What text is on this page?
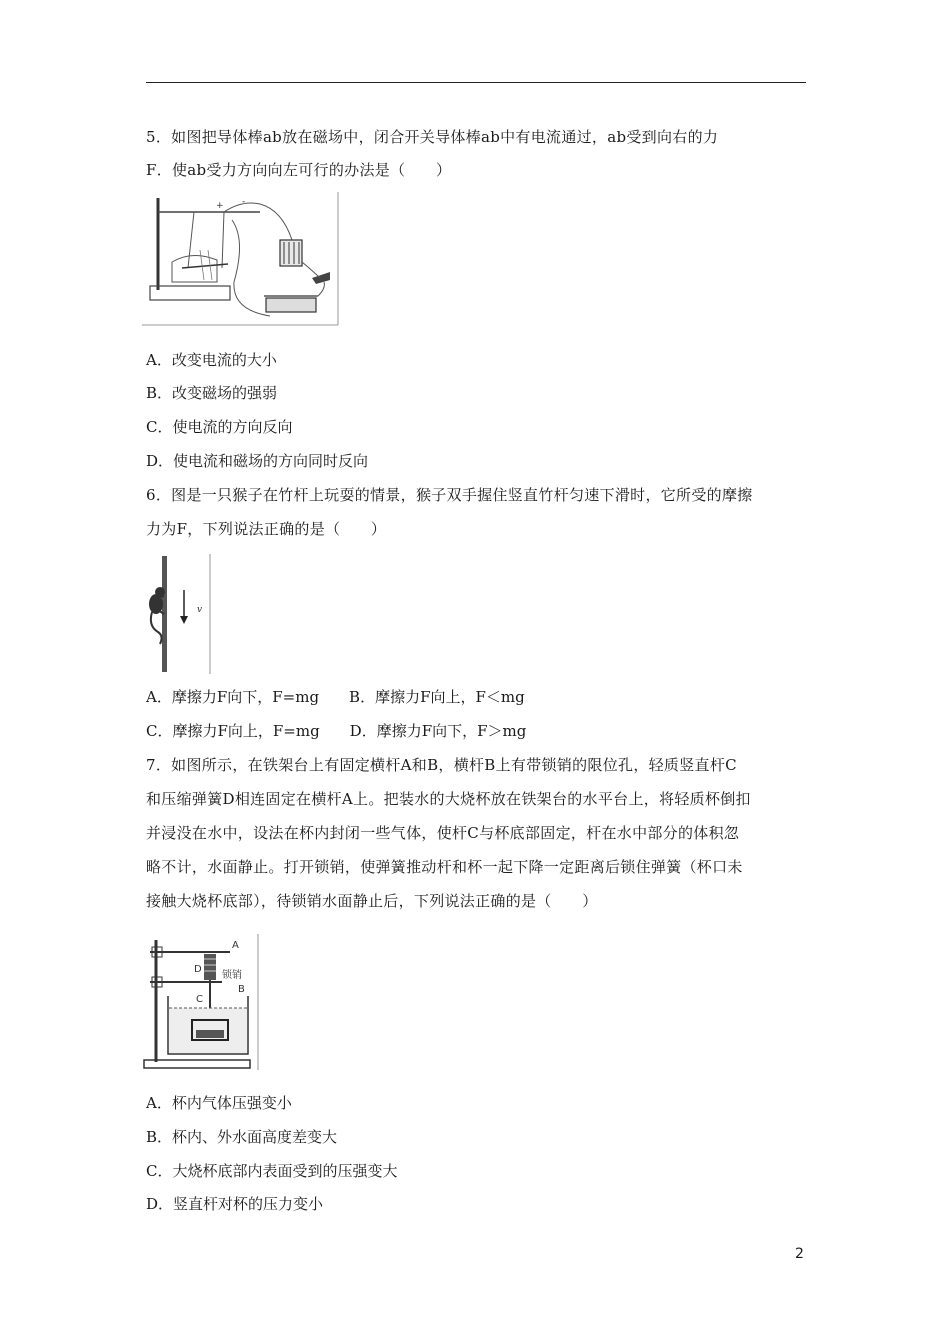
5．如图把导体棒ab放在磁场中，闭合开关导体棒ab中有电流通过，ab受到向右的力
F．使ab受力方向向左可行的办法是（　　）
+ -
A．改变电流的大小
B．改变磁场的强弱
C．使电流的方向反向
D．使电流和磁场的方向同时反向
6．图是一只猴子在竹杆上玩耍的情景，猴子双手握住竖直竹杆匀速下滑时，它所受的摩擦
力为F，下列说法正确的是（　　）
v
A．摩擦力F向下，F=mg　　B．摩擦力F向上，F＜mg
C．摩擦力F向上，F=mg　　D．摩擦力F向下，F＞mg
7．如图所示，在铁架台上有固定横杆A和B，横杆B上有带锁销的限位孔，轻质竖直杆C
和压缩弹簧D相连固定在横杆A上。把装水的大烧杯放在铁架台的水平台上，将轻质杯倒扣
并浸没在水中，设法在杯内封闭一些气体，使杆C与杯底部固定，杆在水中部分的体积忽
略不计，水面静止。打开锁销，使弹簧推动杆和杯一起下降一定距离后锁住弹簧（杯口未
接触大烧杯底部），待锁销水面静止后，下列说法正确的是（　　）
A
D
锁销
B
C
A．杯内气体压强变小
B．杯内、外水面高度差变大
C．大烧杯底部内表面受到的压强变大
D．竖直杆对杯的压力变小
2
